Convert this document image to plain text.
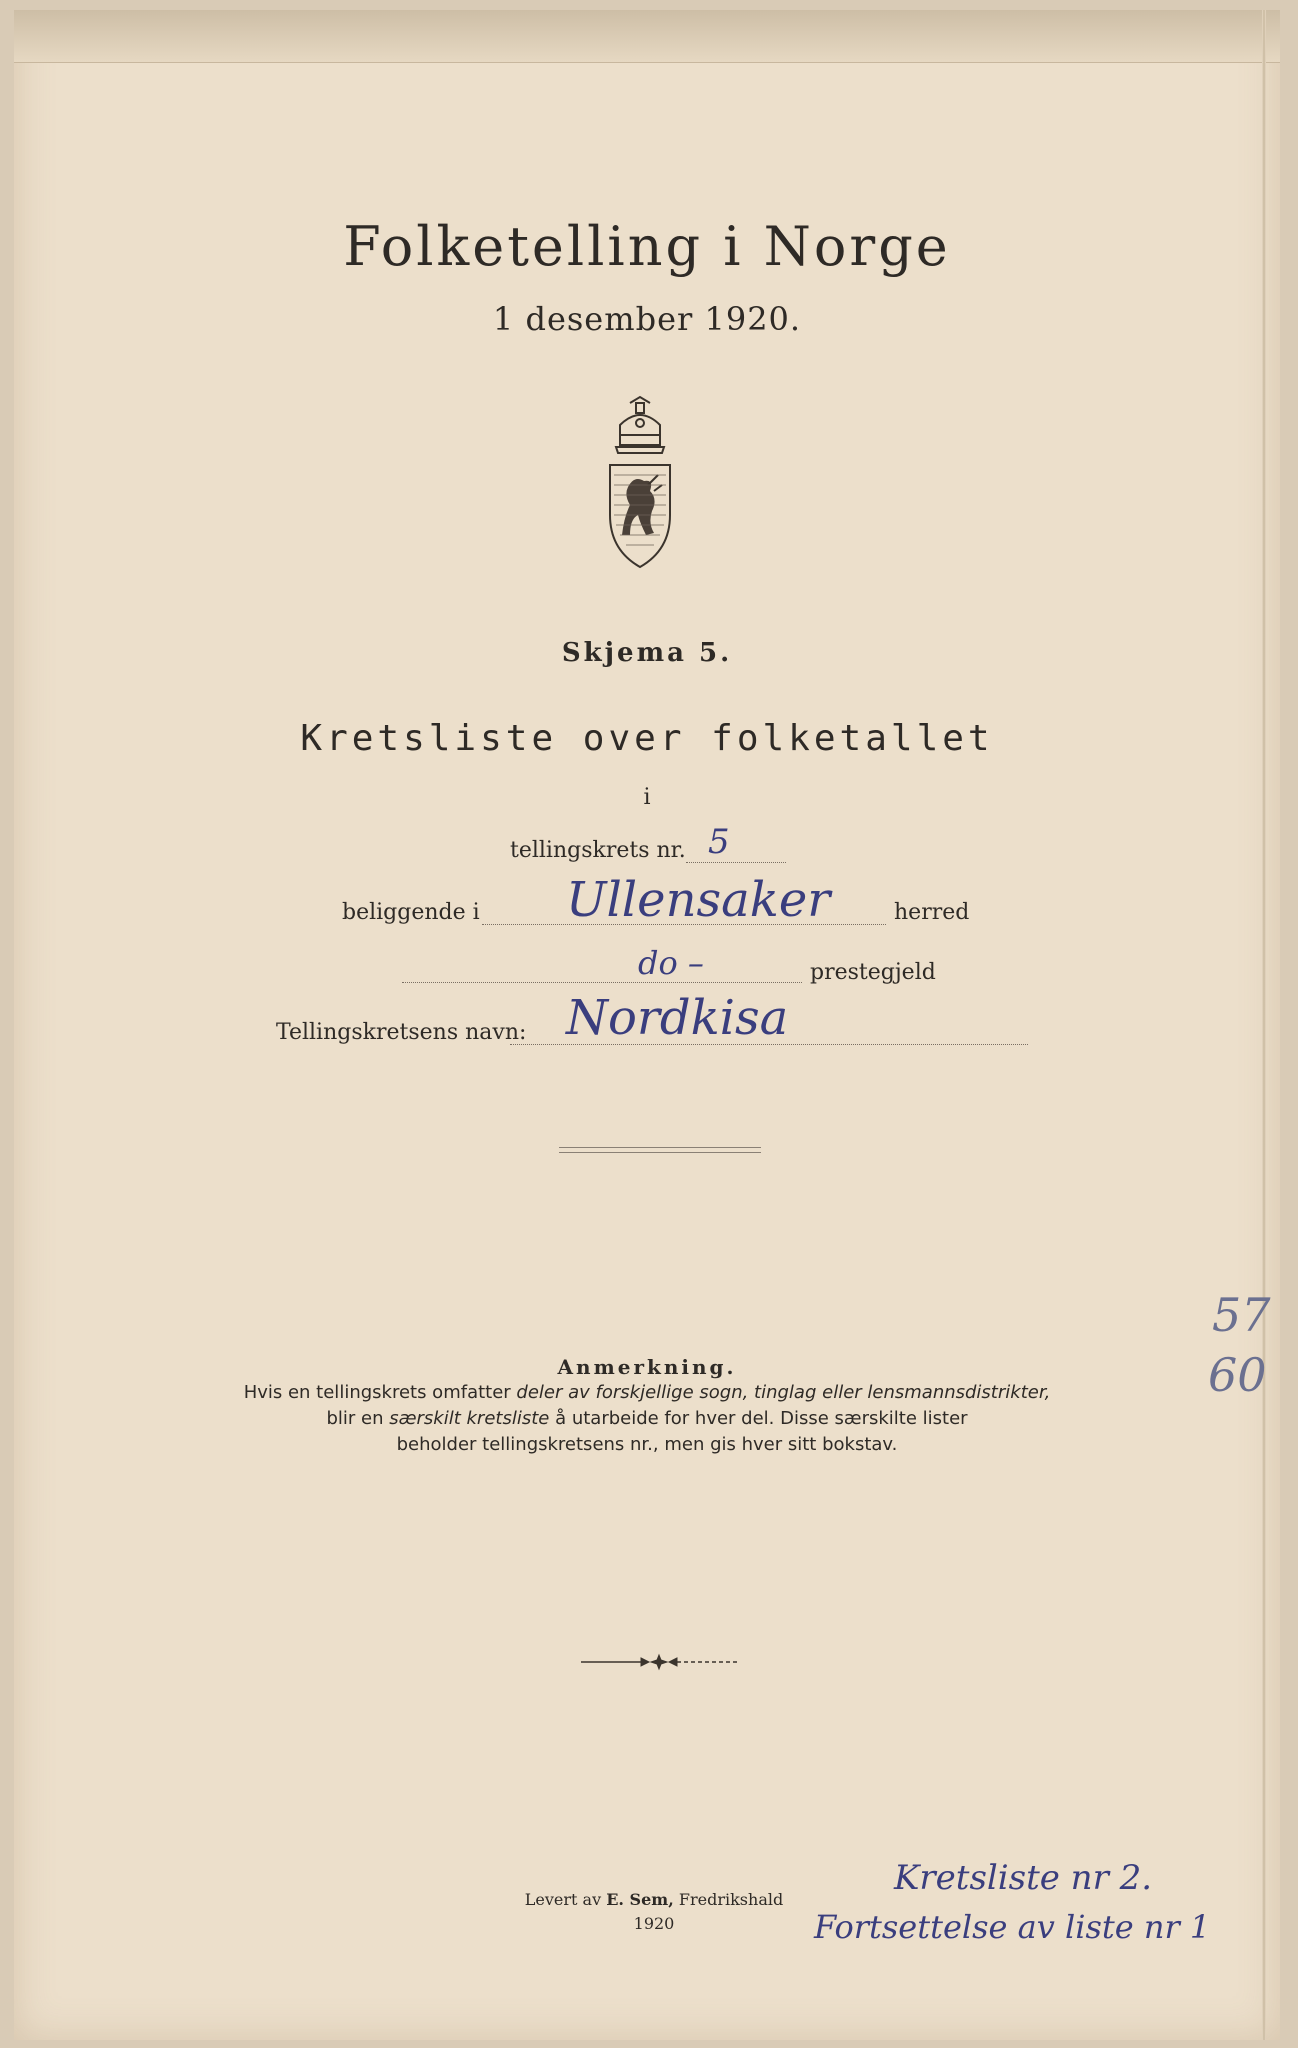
Folketelling i Norge
1 desember 1920.
Skjema 5.
Kretsliste over folketallet
i
tellingskrets nr. 5
beliggende i Ullensaker	herred
do –	prestegjeld
Tellingskretsens navn: Nordkisa
57
60
Anmerkning.
Hvis en tellingskrets omfatter deler av forskjellige sogn, tinglag eller lensmannsdistrikter,
blir en særskilt kretsliste å utarbeide for hver del. Disse særskilte lister
beholder tellingskretsens nr., men gis hver sitt bokstav.
Levert av E. Sem, Fredrikshald
1920
Kretsliste nr 2.
Fortsettelse av liste nr 1
